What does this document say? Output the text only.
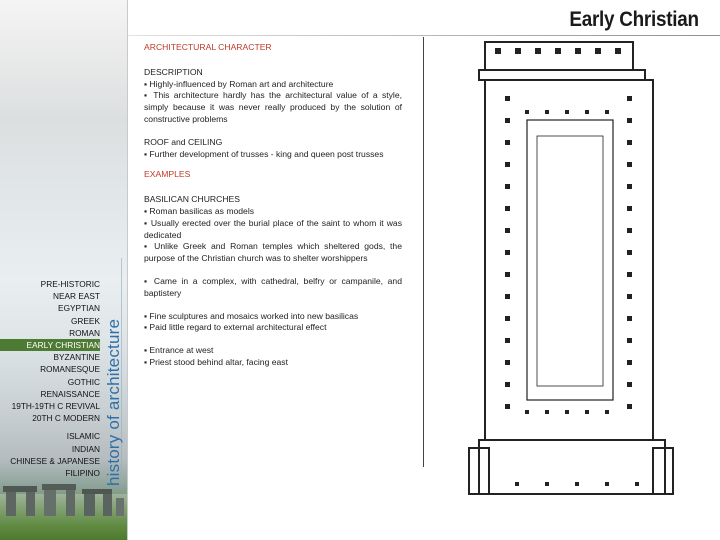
history of architecture
PRE-HISTORIC
NEAR EAST
EGYPTIAN
GREEK
ROMAN
EARLY CHRISTIAN
BYZANTINE
ROMANESQUE
GOTHIC
RENAISSANCE
19TH-19TH C REVIVAL
20TH C MODERN
ISLAMIC
INDIAN
CHINESE & JAPANESE
FILIPINO
Early Christian
ARCHITECTURAL CHARACTER
DESCRIPTION

▪ Highly-influenced by Roman art and architecture

▪ This architecture hardly has the architectural value of a style, simply because it was never really produced by the solution of constructive problems

ROOF and CEILING

▪ Further development of trusses - king and queen post trusses

EXAMPLES
BASILICAN CHURCHES

▪ Roman basilicas as models

▪ Usually erected over the burial place of the saint to whom it was dedicated

▪ Unlike Greek and Roman temples which sheltered gods, the purpose of the Christian church was to shelter worshippers

▪ Came in a complex, with cathedral, belfry or campanile, and baptistery

▪ Fine sculptures and mosaics worked into new basilicas

▪ Paid little regard to external architectural effect

▪ Entrance at west

▪ Priest stood behind altar, facing east
